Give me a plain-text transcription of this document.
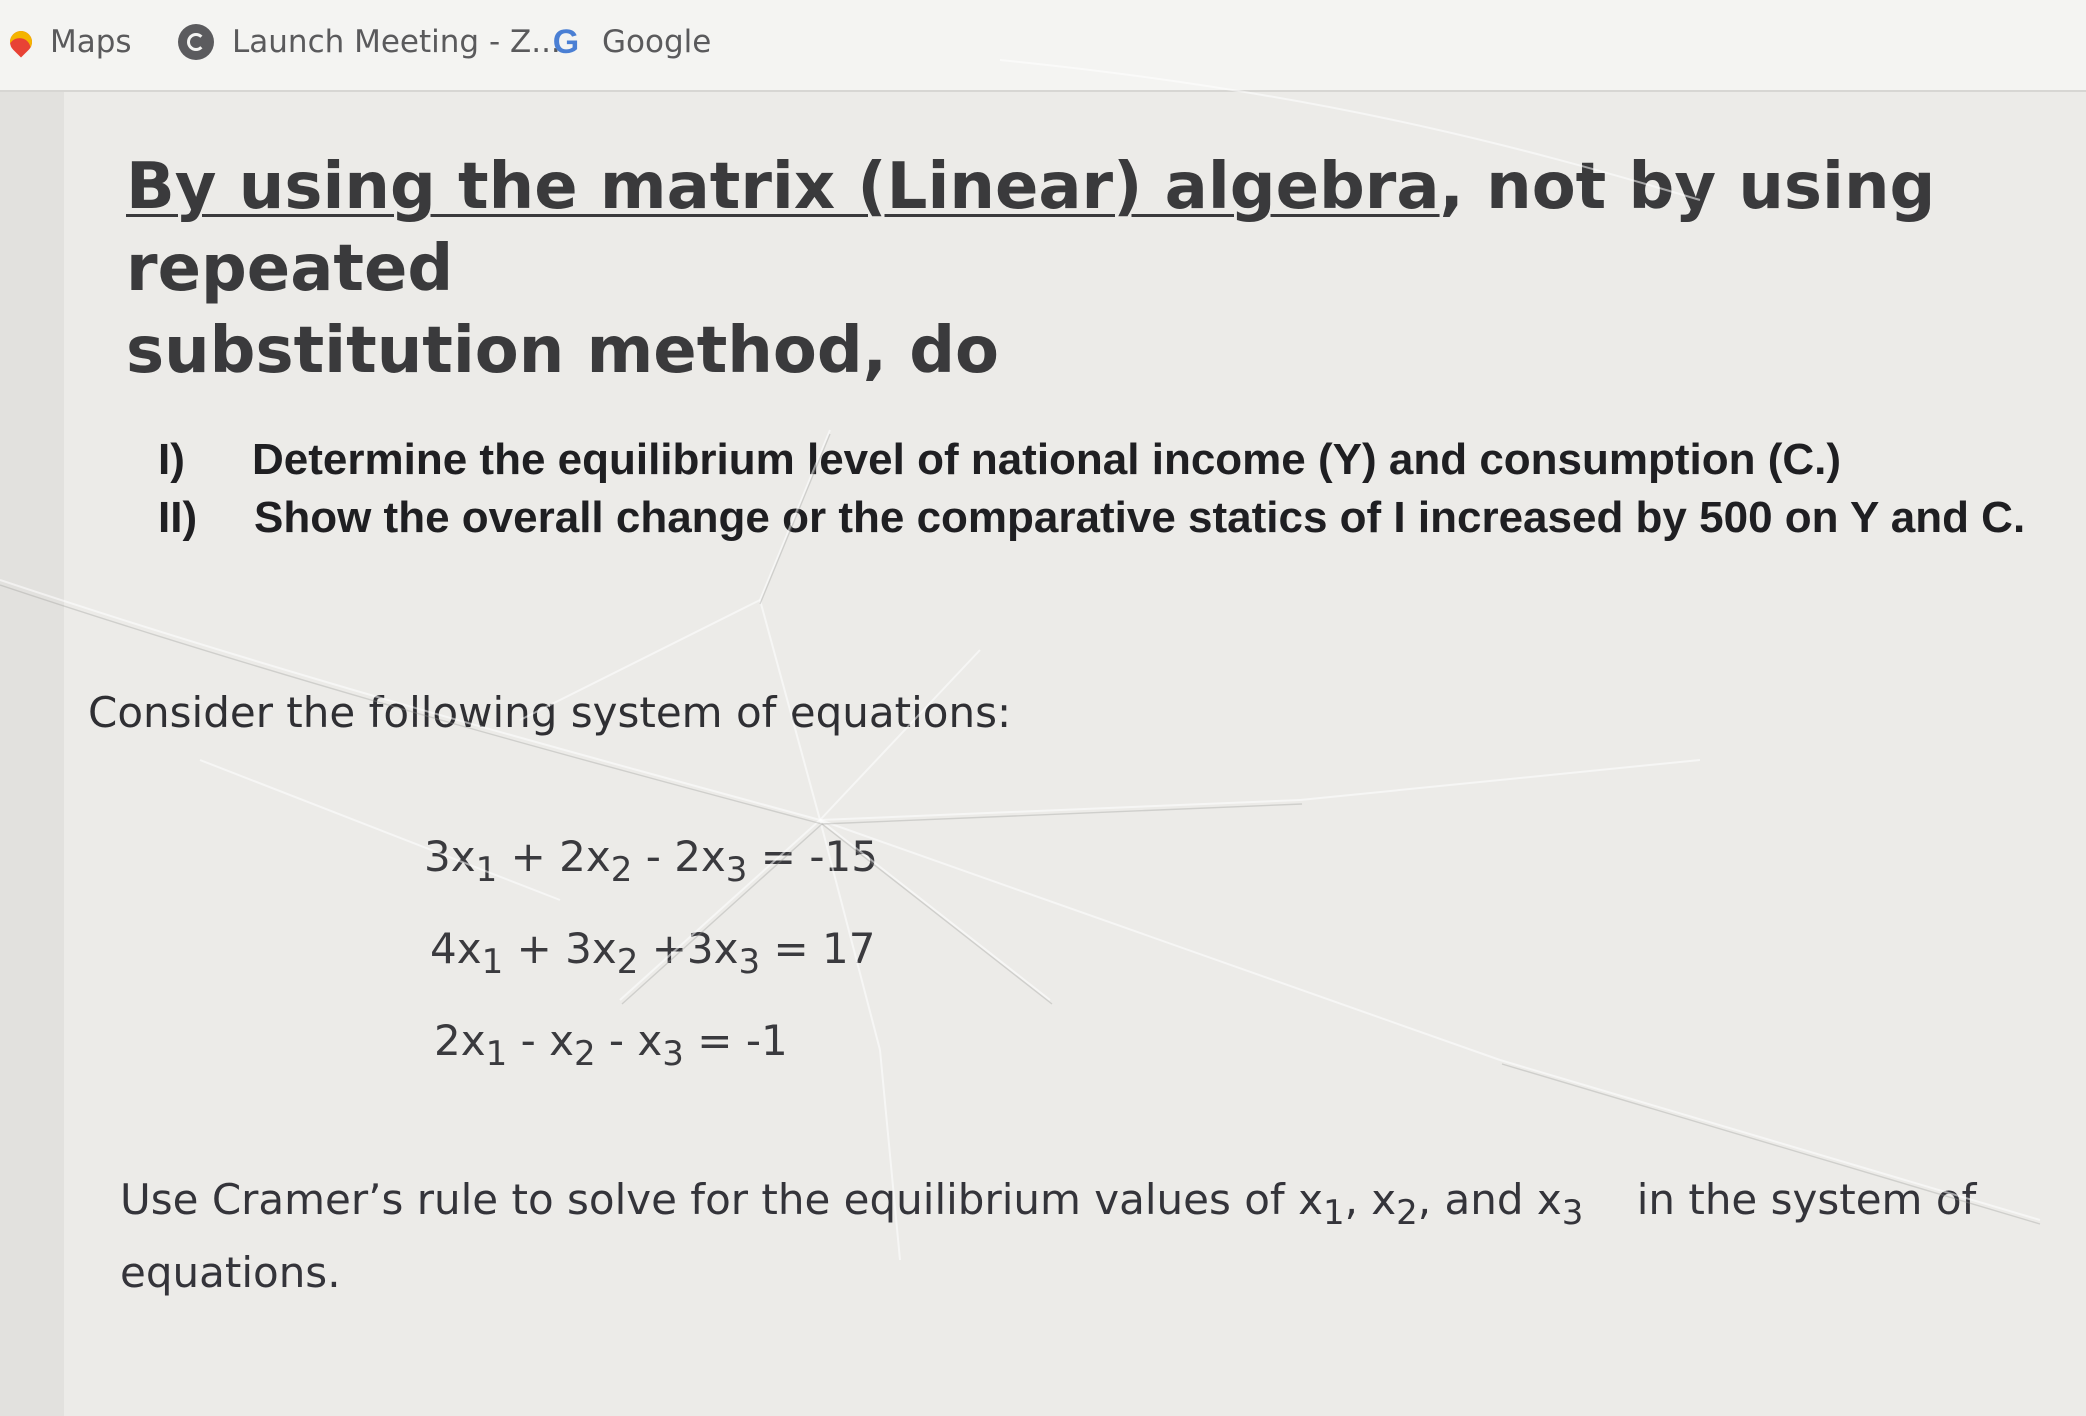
Maps	Launch Meeting - Z...
G Google

By using the matrix (Linear) algebra, not by using repeated
substitution method, do

I) Determine the equilibrium level of national income (Y) and consumption (C.)
II) Show the overall change or the comparative statics of I increased by 500 on Y and C.
Consider the following system of equations:
$3x_1 + 2x_2 - 2x_3 = -15$
$4x_1 + 3x_2 +3x_3 = 17$
$2x_1 - x_2 - x_3 = -1$

Use Cramer’s rule to solve for the equilibrium values of $x_1$, $x_2$, and $x_3$ in the system of
equations.
